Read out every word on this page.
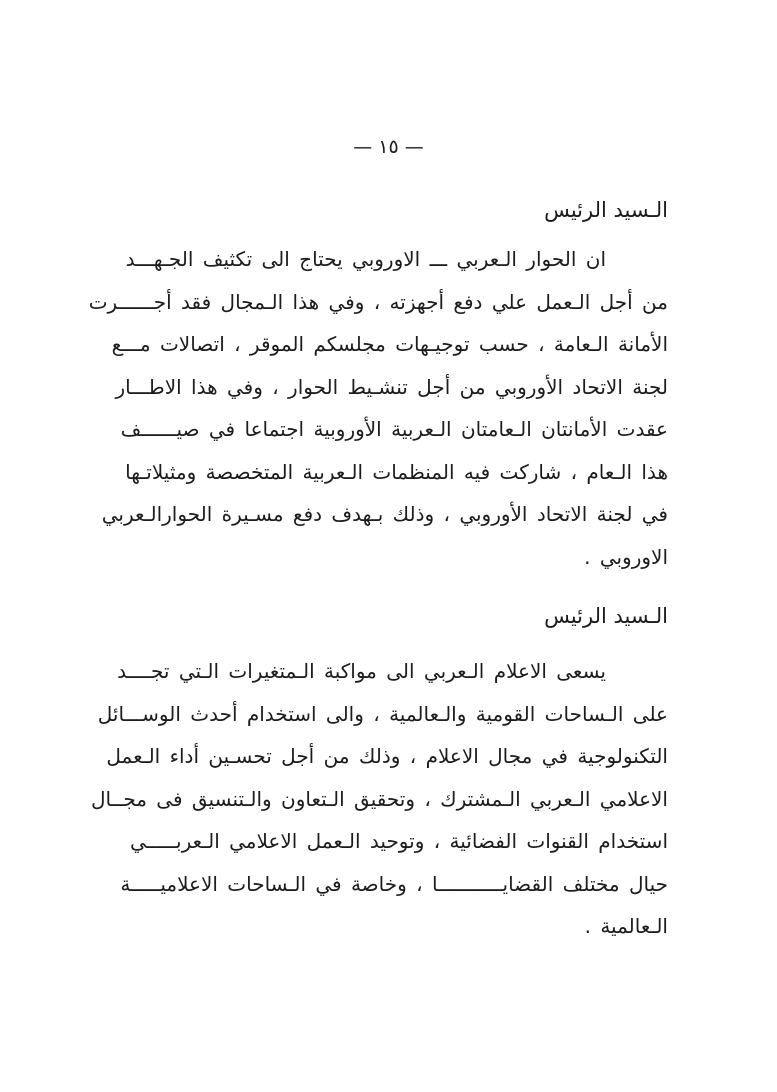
— ١٥ —
الـسيد الرئيس
ان الحوار الـعربي ـــ الاوروبي يحتاج الى تكثيف الجـهـــد
من أجل الـعمل علي دفع أجهزته ، وفي هذا الـمجال فقد أجــــــرت
الأمانة الـعامة ، حسب توجيـهات مجلسكم الموقر ، اتصالات مـــع
لجنة الاتحاد الأوروبي من أجل تنشـيط الحوار ، وفي هذا الاطـــار
عقدت الأمانتان الـعامتان الـعربية الأوروبية اجتماعا في صيــــــف
هذا الـعام ، شاركت فيه المنظمات الـعربية المتخصصة ومثيلاتـها
في لجنة الاتحاد الأوروبي ، وذلك بـهدف دفع مسـيرة الحوارالـعربي
الاوروبي .
الـسيد الرئيس
يسعى الاعلام الـعربي الى مواكبة الـمتغيرات الـتي تجــــد
على الـساحات القومية والـعالمية ، والى استخدام أحدث الوســـائل
التكنولوجية في مجال الاعلام ، وذلك من أجل تحسـين أداء الـعمل
الاعلامي الـعربي الـمشترك ، وتحقيق الـتعاون والـتنسيق فى مجــال
استخدام القنوات الفضائية ، وتوحيد الـعمل الاعلامي الـعربـــــي
حيال مختلف القضايـــــــــــا ، وخاصة في الـساحات الاعلاميـــــة
الـعالمية .
